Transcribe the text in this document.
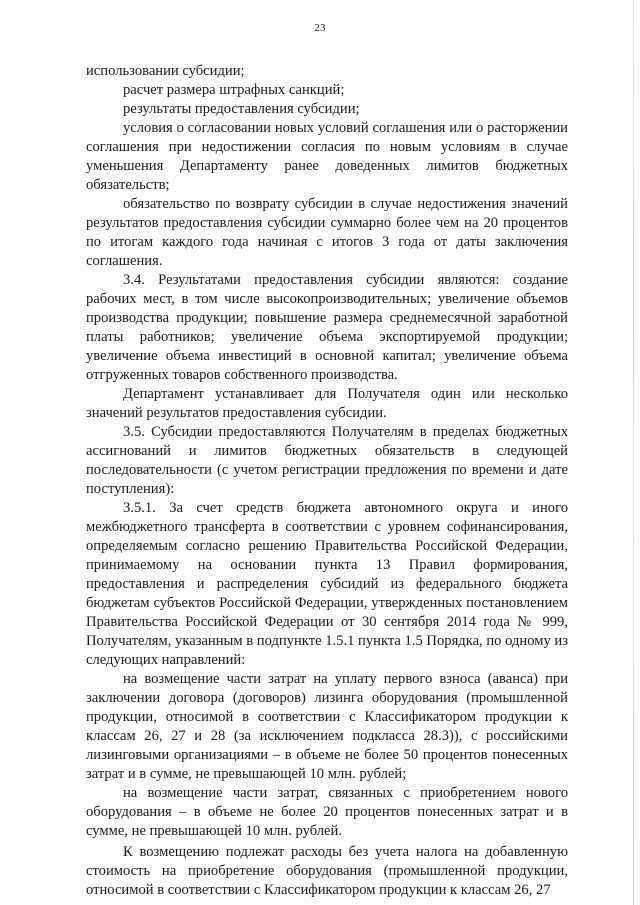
23

использовании субсидии;

расчет размера штрафных санкций;

результаты предоставления субсидии;

условия о согласовании новых условий соглашения или о расторжении соглашения при недостижении согласия по новым условиям в случае уменьшения Департаменту ранее доведенных лимитов бюджетных обязательств;

обязательство по возврату субсидии в случае недостижения значений результатов предоставления субсидии суммарно более чем на 20 процентов по итогам каждого года начиная с итогов 3 года от даты заключения соглашения.

3.4. Результатами предоставления субсидии являются: создание рабочих мест, в том числе высокопроизводительных; увеличение объемов производства продукции; повышение размера среднемесячной заработной платы работников; увеличение объема экспортируемой продукции; увеличение объема инвестиций в основной капитал; увеличение объема отгруженных товаров собственного производства.

Департамент устанавливает для Получателя один или несколько значений результатов предоставления субсидии.

3.5. Субсидии предоставляются Получателям в пределах бюджетных ассигнований и лимитов бюджетных обязательств в следующей последовательности (с учетом регистрации предложения по времени и дате поступления):

3.5.1. За счет средств бюджета автономного округа и иного межбюджетного трансферта в соответствии с уровнем софинансирования, определяемым согласно решению Правительства Российской Федерации, принимаемому на основании пункта 13 Правил формирования, предоставления и распределения субсидий из федерального бюджета бюджетам субъектов Российской Федерации, утвержденных постановлением Правительства Российской Федерации от 30 сентября 2014 года № 999, Получателям, указанным в подпункте 1.5.1 пункта 1.5 Порядка, по одному из следующих направлений:

на возмещение части затрат на уплату первого взноса (аванса) при заключении договора (договоров) лизинга оборудования (промышленной продукции, относимой в соответствии с Классификатором продукции к классам 26, 27 и 28 (за исключением подкласса 28.3)), с российскими лизинговыми организациями – в объеме не более 50 процентов понесенных затрат и в сумме, не превышающей 10 млн. рублей;

на возмещение части затрат, связанных с приобретением нового оборудования – в объеме не более 20 процентов понесенных затрат и в сумме, не превышающей 10 млн. рублей.

К возмещению подлежат расходы без учета налога на добавленную стоимость на приобретение оборудования (промышленной продукции, относимой в соответствии с Классификатором продукции к классам 26, 27
